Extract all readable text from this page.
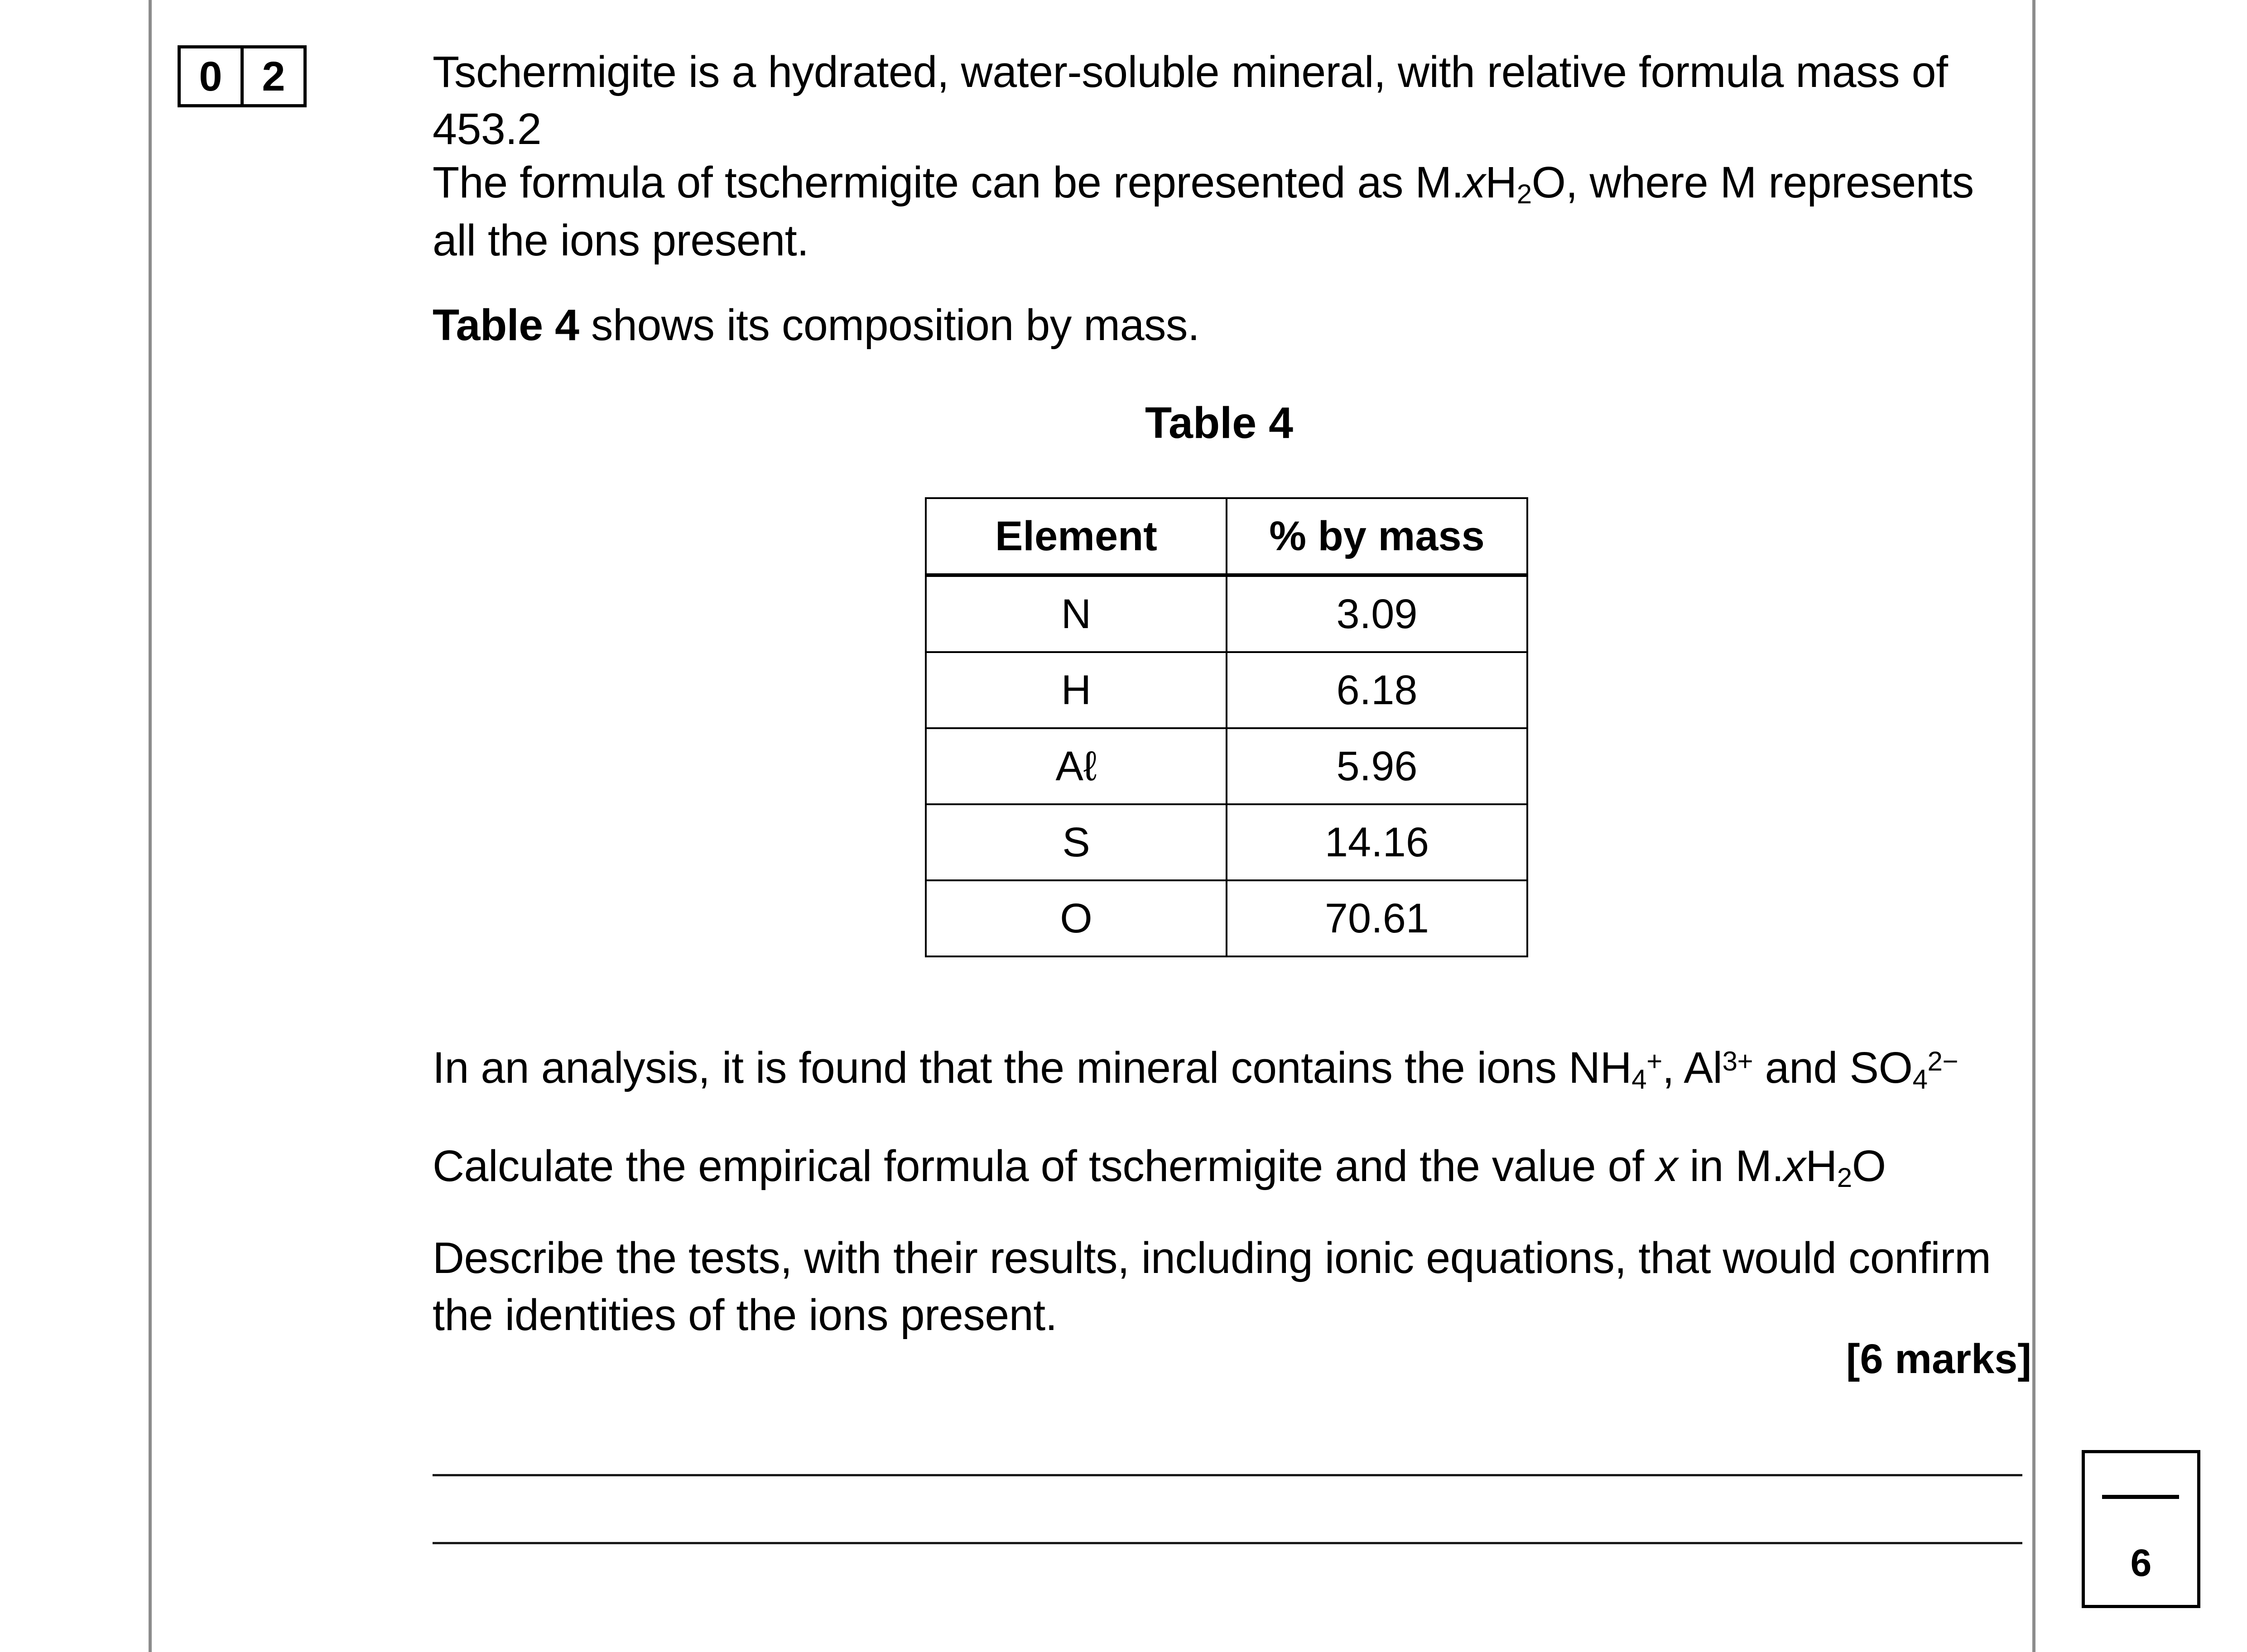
0 2	Tschermigite is a hydrated, water-soluble mineral, with relative formula mass of 453.2

The formula of tschermigite can be represented as $M.xH_2O$, where M represents all the ions present.

Table 4 shows its composition by mass.

In an analysis, it is found that the mineral contains the ions $NH_4^+$, $Al^{3+}$ and $SO_4^{2-}$

Calculate the empirical formula of tschermigite and the value of x in $M.xH_2O$

Describe the tests, with their results, including ionic equations, that would confirm the identities of the ions present.

Table 4
Element	% by mass
N	3.09
H	6.18
Aℓ	5.96
S	14.16
O	70.61
[6 marks]
6
